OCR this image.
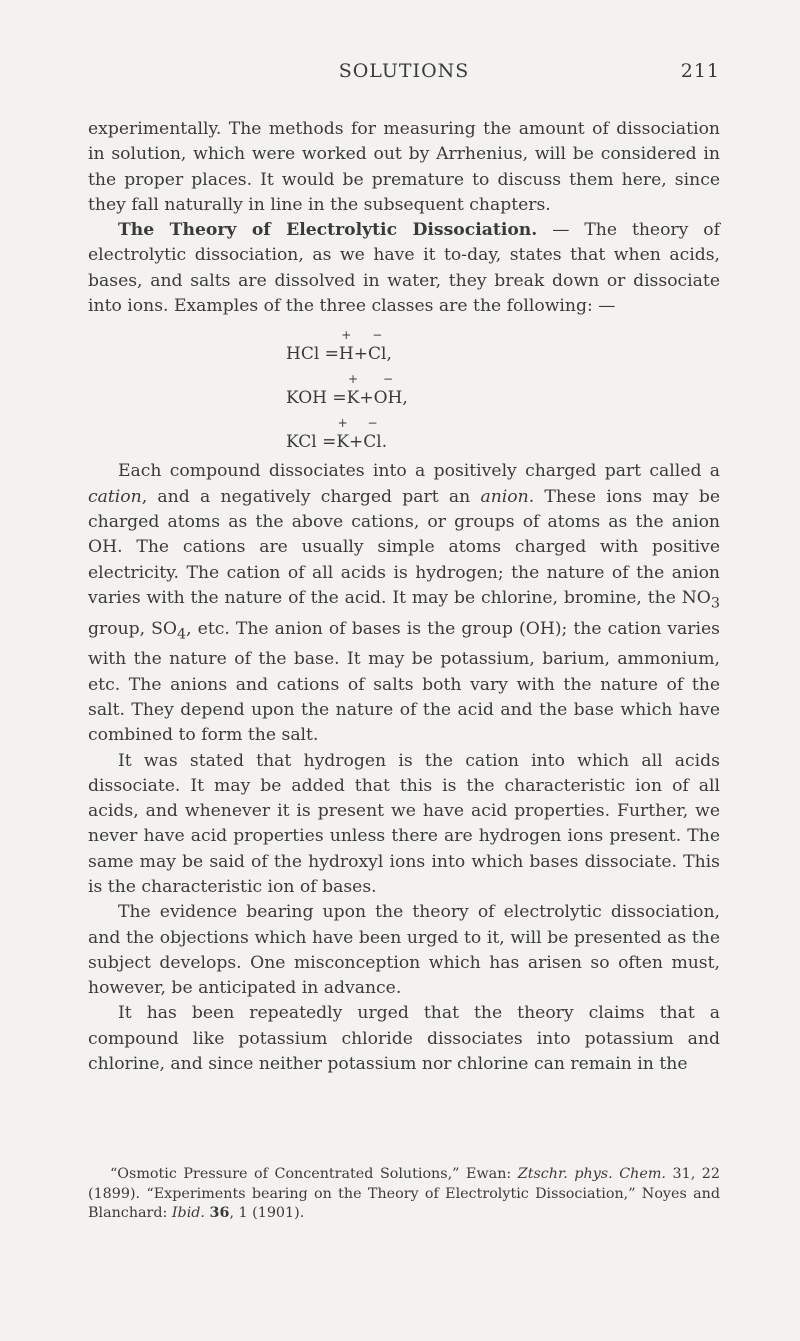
SOLUTIONS	211

experimentally. The methods for measuring the amount of dissociation in solution, which were worked out by Arrhenius, will be considered in the proper places. It would be premature to discuss them here, since they fall naturally in line in the subsequent chapters.

The Theory of Electrolytic Dissociation. — The theory of electrolytic dissociation, as we have it to-day, states that when acids, bases, and salts are dissolved in water, they break down or dissociate into ions. Examples of the three classes are the following: —

HCl =
+
H +
−
Cl ,
KOH =
+
K +
−
OH ,
KCl =
+
K +
−
Cl .

Each compound dissociates into a positively charged part called a cation, and a negatively charged part an anion. These ions may be charged atoms as the above cations, or groups of atoms as the anion OH. The cations are usually simple atoms charged with positive electricity. The cation of all acids is hydrogen; the nature of the anion varies with the nature of the acid. It may be chlorine, bromine, the $NO_3$ group, $SO_4$, etc. The anion of bases is the group (OH); the cation varies with the nature of the base. It may be potassium, barium, ammonium, etc. The anions and cations of salts both vary with the nature of the salt. They depend upon the nature of the acid and the base which have combined to form the salt.

It was stated that hydrogen is the cation into which all acids dissociate. It may be added that this is the characteristic ion of all acids, and whenever it is present we have acid properties. Further, we never have acid properties unless there are hydrogen ions present. The same may be said of the hydroxyl ions into which bases dissociate. This is the characteristic ion of bases.

The evidence bearing upon the theory of electrolytic dissociation, and the objections which have been urged to it, will be presented as the subject develops. One misconception which has arisen so often must, however, be anticipated in advance.

It has been repeatedly urged that the theory claims that a compound like potassium chloride dissociates into potassium and chlorine, and since neither potassium nor chlorine can remain in the

“Osmotic Pressure of Concentrated Solutions,” Ewan: Ztschr. phys. Chem. 31, 22 (1899). “Experiments bearing on the Theory of Electrolytic Dissociation,” Noyes and Blanchard: Ibid. 36, 1 (1901).
